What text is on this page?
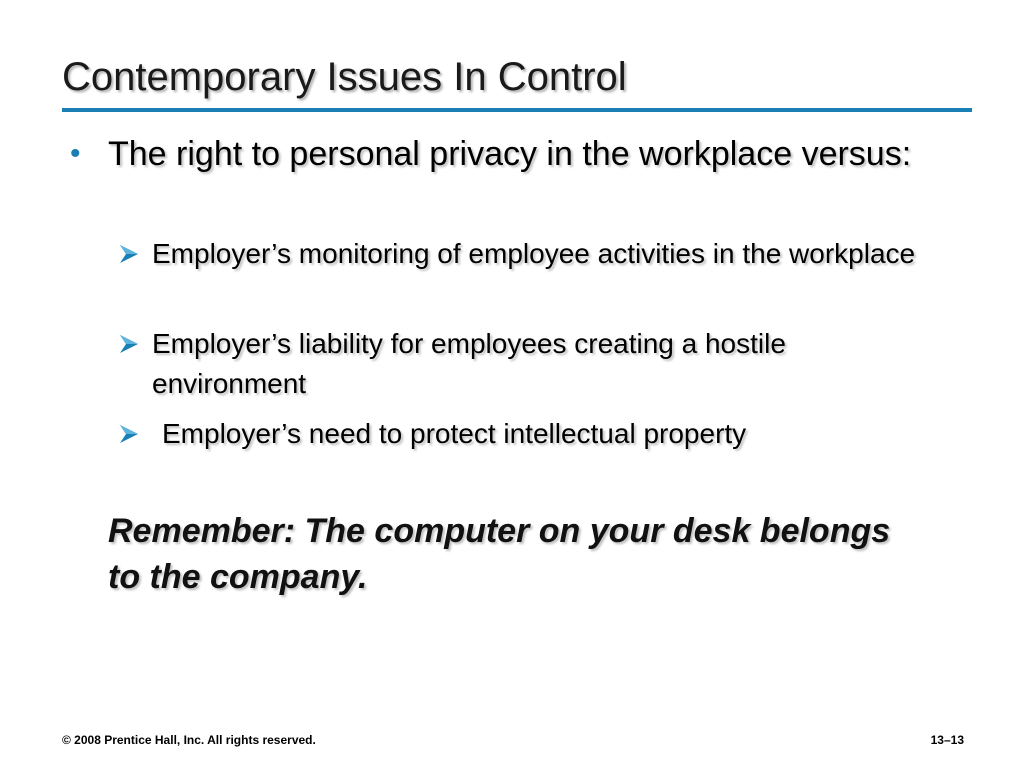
Contemporary Issues In Control
• The right to personal privacy in the workplace versus:
Employer’s monitoring of employee activities in the workplace
Employer’s liability for employees creating a hostile environment
Employer’s need to protect intellectual property
Remember: The computer on your desk belongs to the company.
© 2008 Prentice Hall, Inc. All rights reserved.	13–13
